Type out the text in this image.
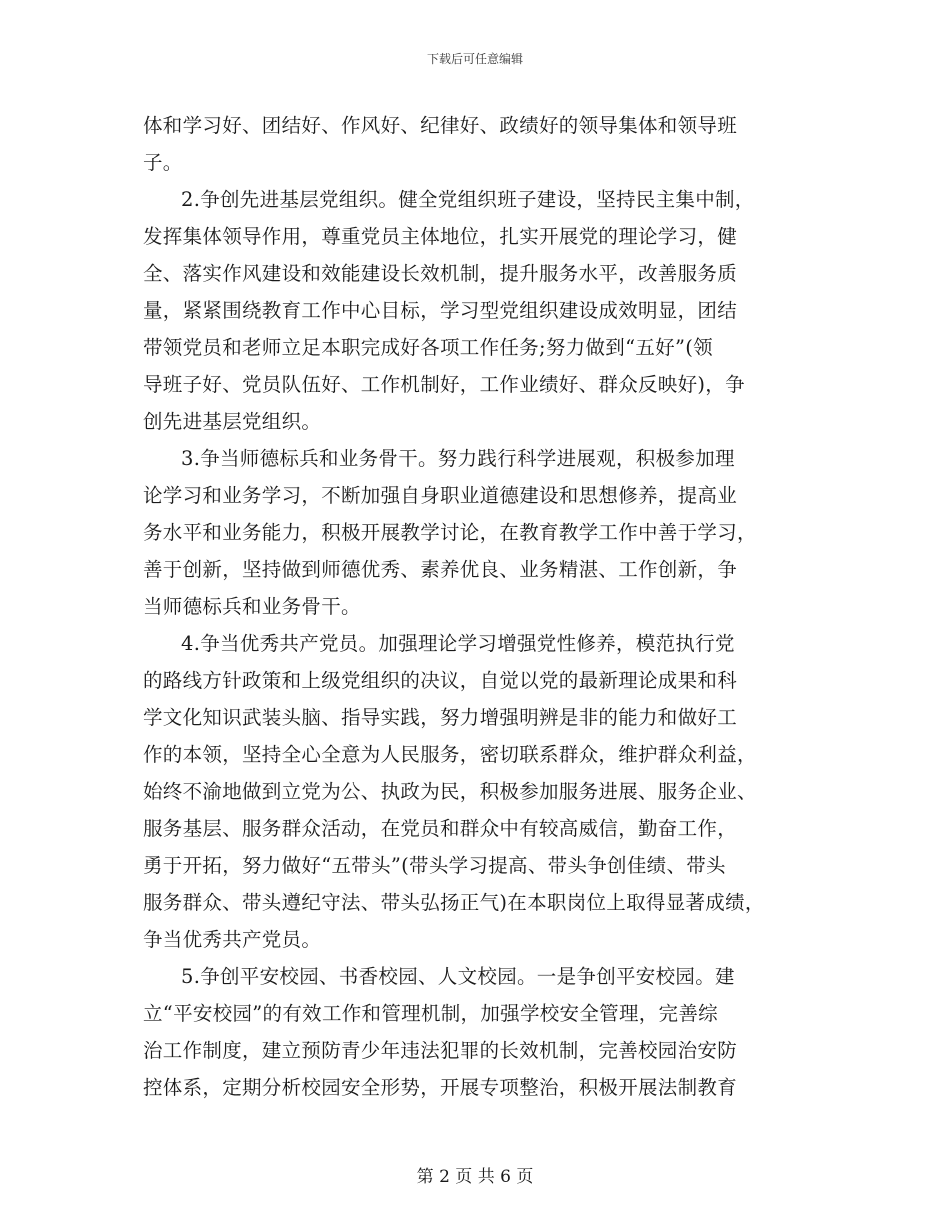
下载后可任意编辑
体和学习好、团结好、作风好、纪律好、政绩好的领导集体和领导班
子。
2.争创先进基层党组织。健全党组织班子建设，坚持民主集中制，
发挥集体领导作用，尊重党员主体地位，扎实开展党的理论学习，健
全、落实作风建设和效能建设长效机制，提升服务水平，改善服务质
量，紧紧围绕教育工作中心目标，学习型党组织建设成效明显，团结
带领党员和老师立足本职完成好各项工作任务;努力做到“五好”(领
导班子好、党员队伍好、工作机制好，工作业绩好、群众反映好)，争
创先进基层党组织。
3.争当师德标兵和业务骨干。努力践行科学进展观，积极参加理
论学习和业务学习，不断加强自身职业道德建设和思想修养，提高业
务水平和业务能力，积极开展教学讨论，在教育教学工作中善于学习，
善于创新，坚持做到师德优秀、素养优良、业务精湛、工作创新，争
当师德标兵和业务骨干。
4.争当优秀共产党员。加强理论学习增强党性修养，模范执行党
的路线方针政策和上级党组织的决议，自觉以党的最新理论成果和科
学文化知识武装头脑、指导实践，努力增强明辨是非的能力和做好工
作的本领，坚持全心全意为人民服务，密切联系群众，维护群众利益，
始终不渝地做到立党为公、执政为民，积极参加服务进展、服务企业、
服务基层、服务群众活动，在党员和群众中有较高威信，勤奋工作，
勇于开拓，努力做好“五带头”(带头学习提高、带头争创佳绩、带头
服务群众、带头遵纪守法、带头弘扬正气)在本职岗位上取得显著成绩，
争当优秀共产党员。
5.争创平安校园、书香校园、人文校园。一是争创平安校园。建
立“平安校园”的有效工作和管理机制，加强学校安全管理，完善综
治工作制度，建立预防青少年违法犯罪的长效机制，完善校园治安防
控体系，定期分析校园安全形势，开展专项整治，积极开展法制教育
第 2 页 共 6 页
